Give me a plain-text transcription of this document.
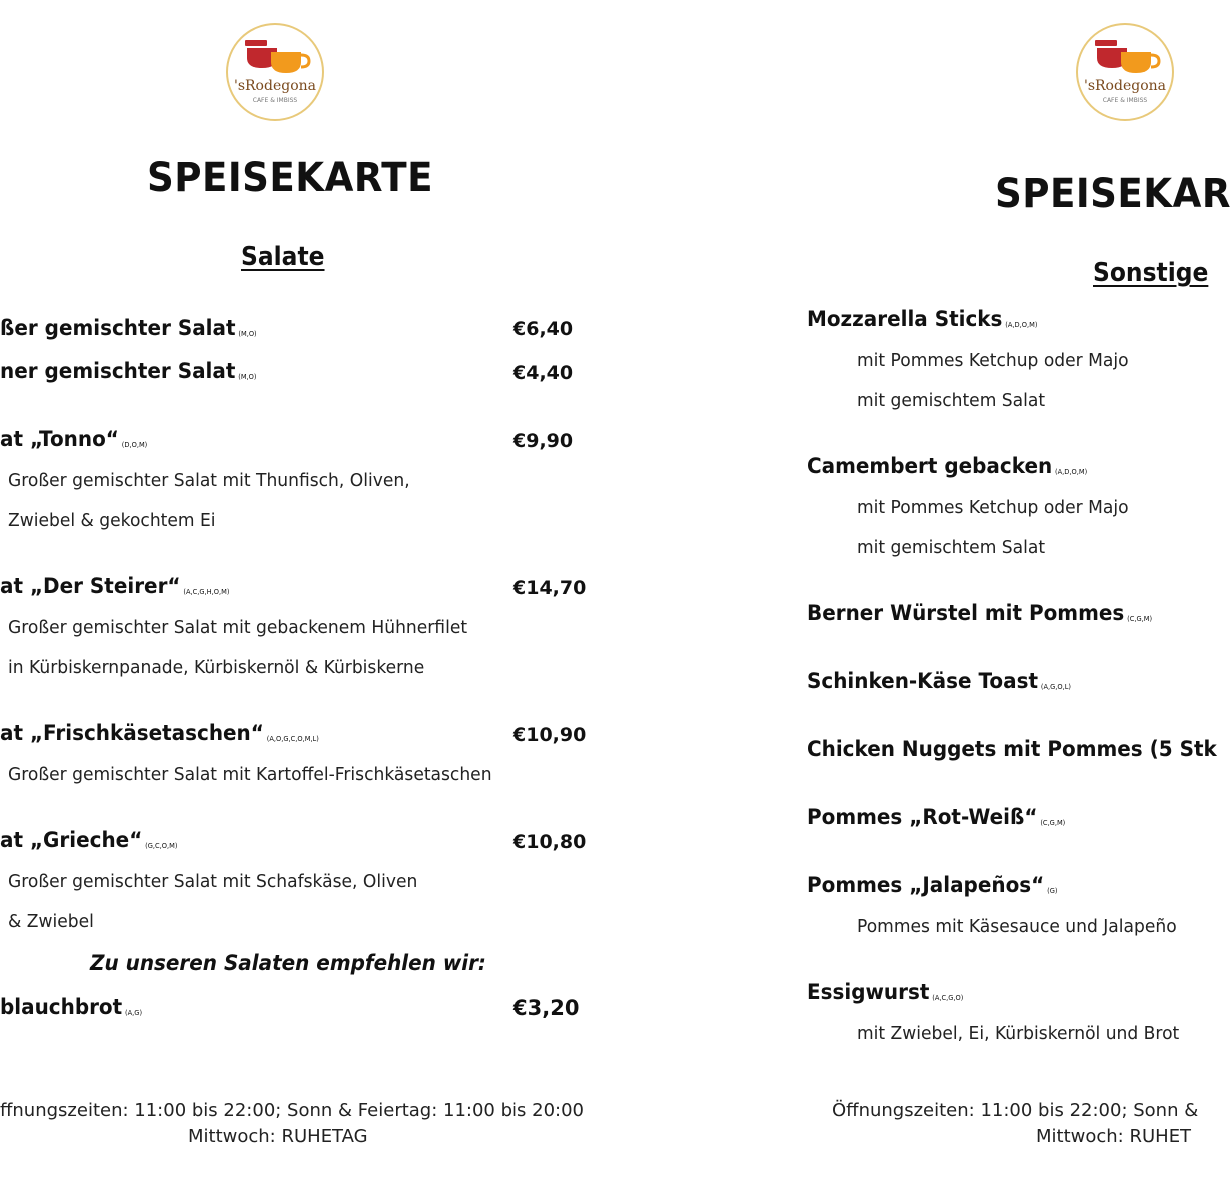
'sRodegona
CAFE & IMBISS
SPEISEKARTE
Salate
ßer gemischter Salat (M,O)	€6,40
ner gemischter Salat (M,O)	€4,40
at „Tonno“ (D,O,M)	€9,90
Großer gemischter Salat mit Thunfisch, Oliven,
Zwiebel & gekochtem Ei
at „Der Steirer“ (A,C,G,H,O,M)	€14,70
Großer gemischter Salat mit gebackenem Hühnerfilet
in Kürbiskernpanade, Kürbiskernöl & Kürbiskerne
at „Frischkäsetaschen“ (A,O,G,C,O,M,L)	€10,90
Großer gemischter Salat mit Kartoffel-Frischkäsetaschen
at „Grieche“ (G,C,O,M)	€10,80
Großer gemischter Salat mit Schafskäse, Oliven
& Zwiebel
Zu unseren Salaten empfehlen wir:
blauchbrot (A,G)	€3,20
ffnungszeiten: 11:00 bis 22:00; Sonn & Feiertag: 11:00 bis 20:00
Mittwoch: RUHETAG
'sRodegona
CAFE & IMBISS
SPEISEKAR
Sonstige
Mozzarella Sticks (A,D,O,M)
mit Pommes Ketchup oder Majo
mit gemischtem Salat
Camembert gebacken (A,D,O,M)
mit Pommes Ketchup oder Majo
mit gemischtem Salat
Berner Würstel mit Pommes (C,G,M)
Schinken-Käse Toast (A,G,O,L)
Chicken Nuggets mit Pommes (5 Stk
Pommes „Rot-Weiß“ (C,G,M)
Pommes „Jalapeños“ (G)
Pommes mit Käsesauce und Jalapeño
Essigwurst (A,C,G,O)
mit Zwiebel, Ei, Kürbiskernöl und Brot
Öffnungszeiten: 11:00 bis 22:00; Sonn &
Mittwoch: RUHET
